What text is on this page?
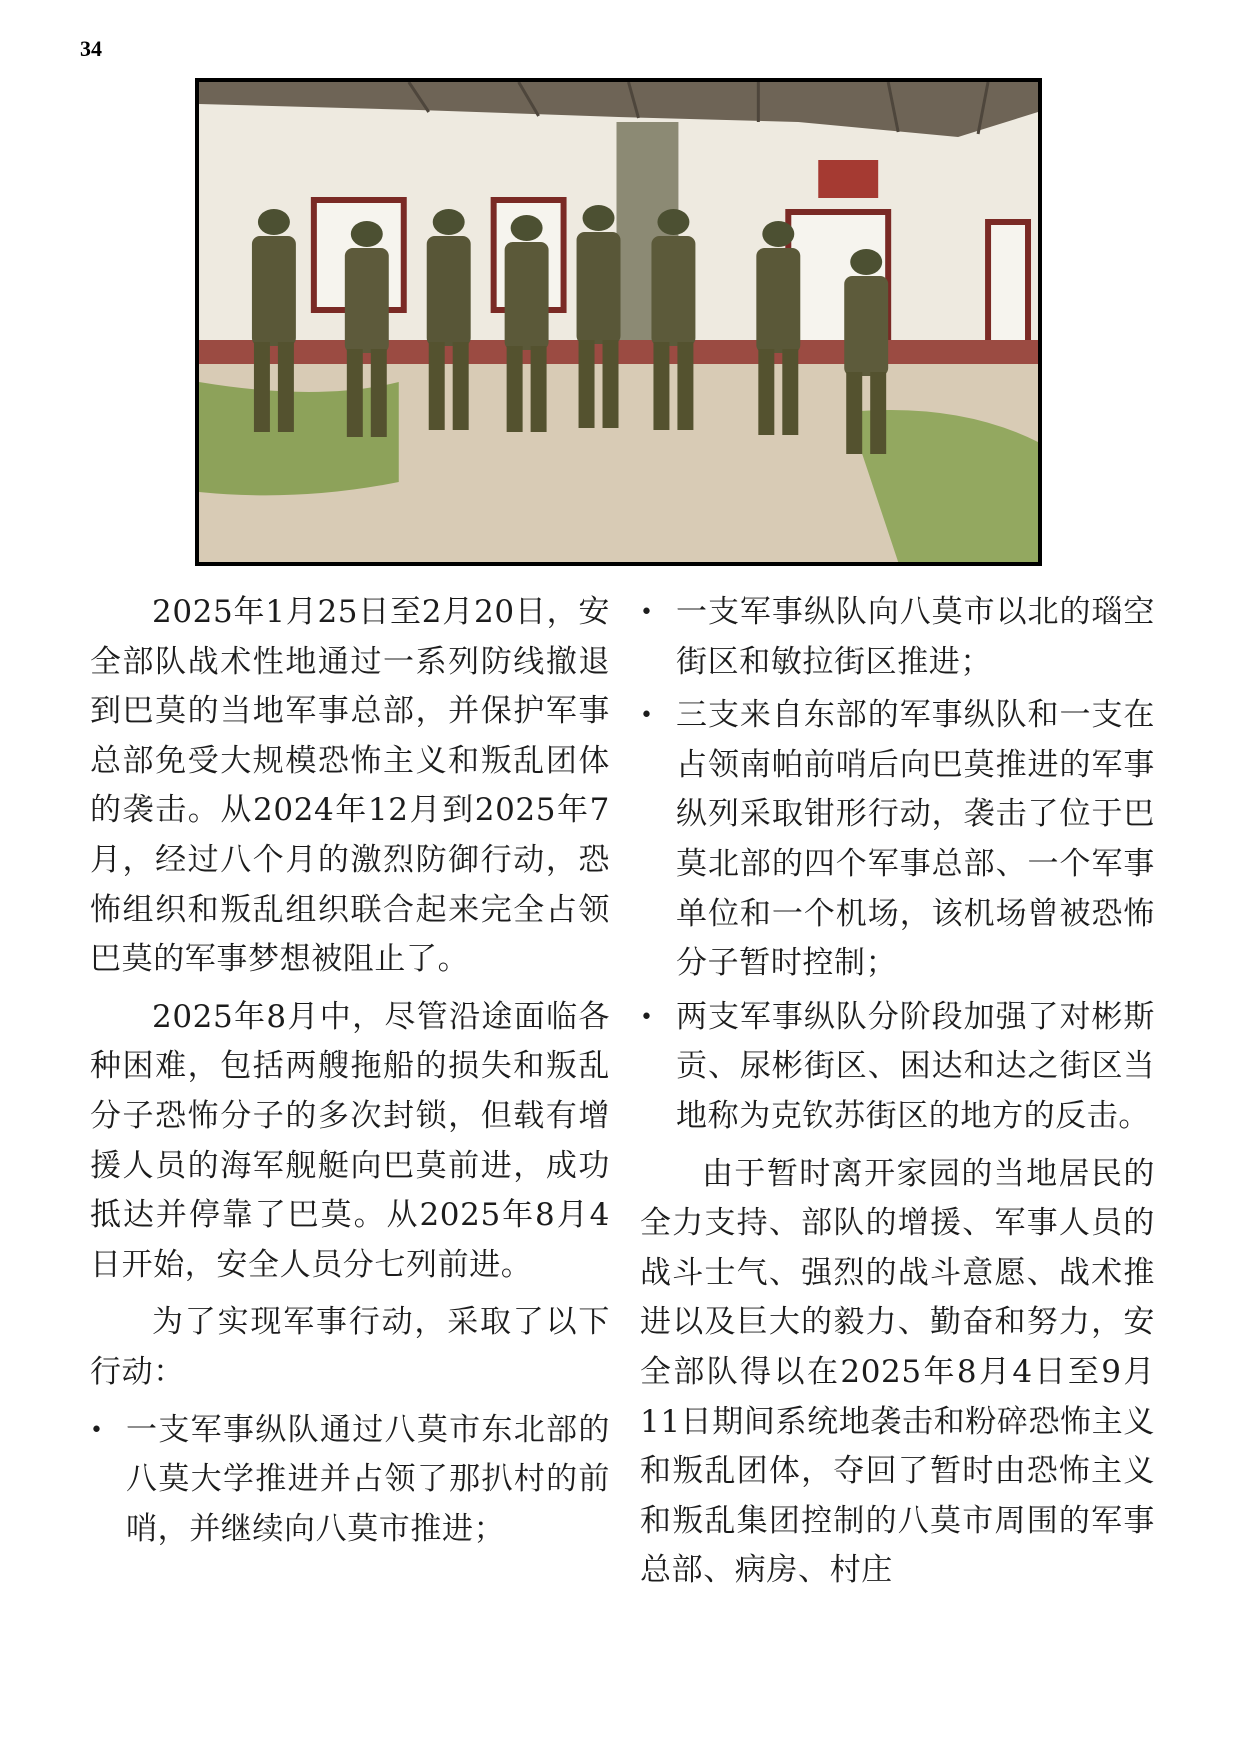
34

2025年1月25日至2月20日，安全部队战术性地通过一系列防线撤退到巴莫的当地军事总部，并保护军事总部免受大规模恐怖主义和叛乱团体的袭击。从2024年12月到2025年7月，经过八个月的激烈防御行动，恐怖组织和叛乱组织联合起来完全占领巴莫的军事梦想被阻止了。

2025年8月中，尽管沿途面临各种困难，包括两艘拖船的损失和叛乱分子恐怖分子的多次封锁，但载有增援人员的海军舰艇向巴莫前进，成功抵达并停靠了巴莫。从2025年8月4日开始，安全人员分七列前进。

为了实现军事行动，采取了以下行动：

• 一支军事纵队通过八莫市东北部的八莫大学推进并占领了那扒村的前哨，并继续向八莫市推进；
• 一支军事纵队向八莫市以北的瑙空街区和敏拉街区推进；
• 三支来自东部的军事纵队和一支在占领南帕前哨后向巴莫推进的军事纵列采取钳形行动，袭击了位于巴莫北部的四个军事总部、一个军事单位和一个机场，该机场曾被恐怖分子暂时控制；
• 两支军事纵队分阶段加强了对彬斯贡、尿彬街区、困达和达之街区当地称为克钦苏街区的地方的反击。

由于暂时离开家园的当地居民的全力支持、部队的增援、军事人员的战斗士气、强烈的战斗意愿、战术推进以及巨大的毅力、勤奋和努力，安全部队得以在2025年8月4日至9月11日期间系统地袭击和粉碎恐怖主义和叛乱团体，夺回了暂时由恐怖主义和叛乱集团控制的八莫市周围的军事总部、病房、村庄
